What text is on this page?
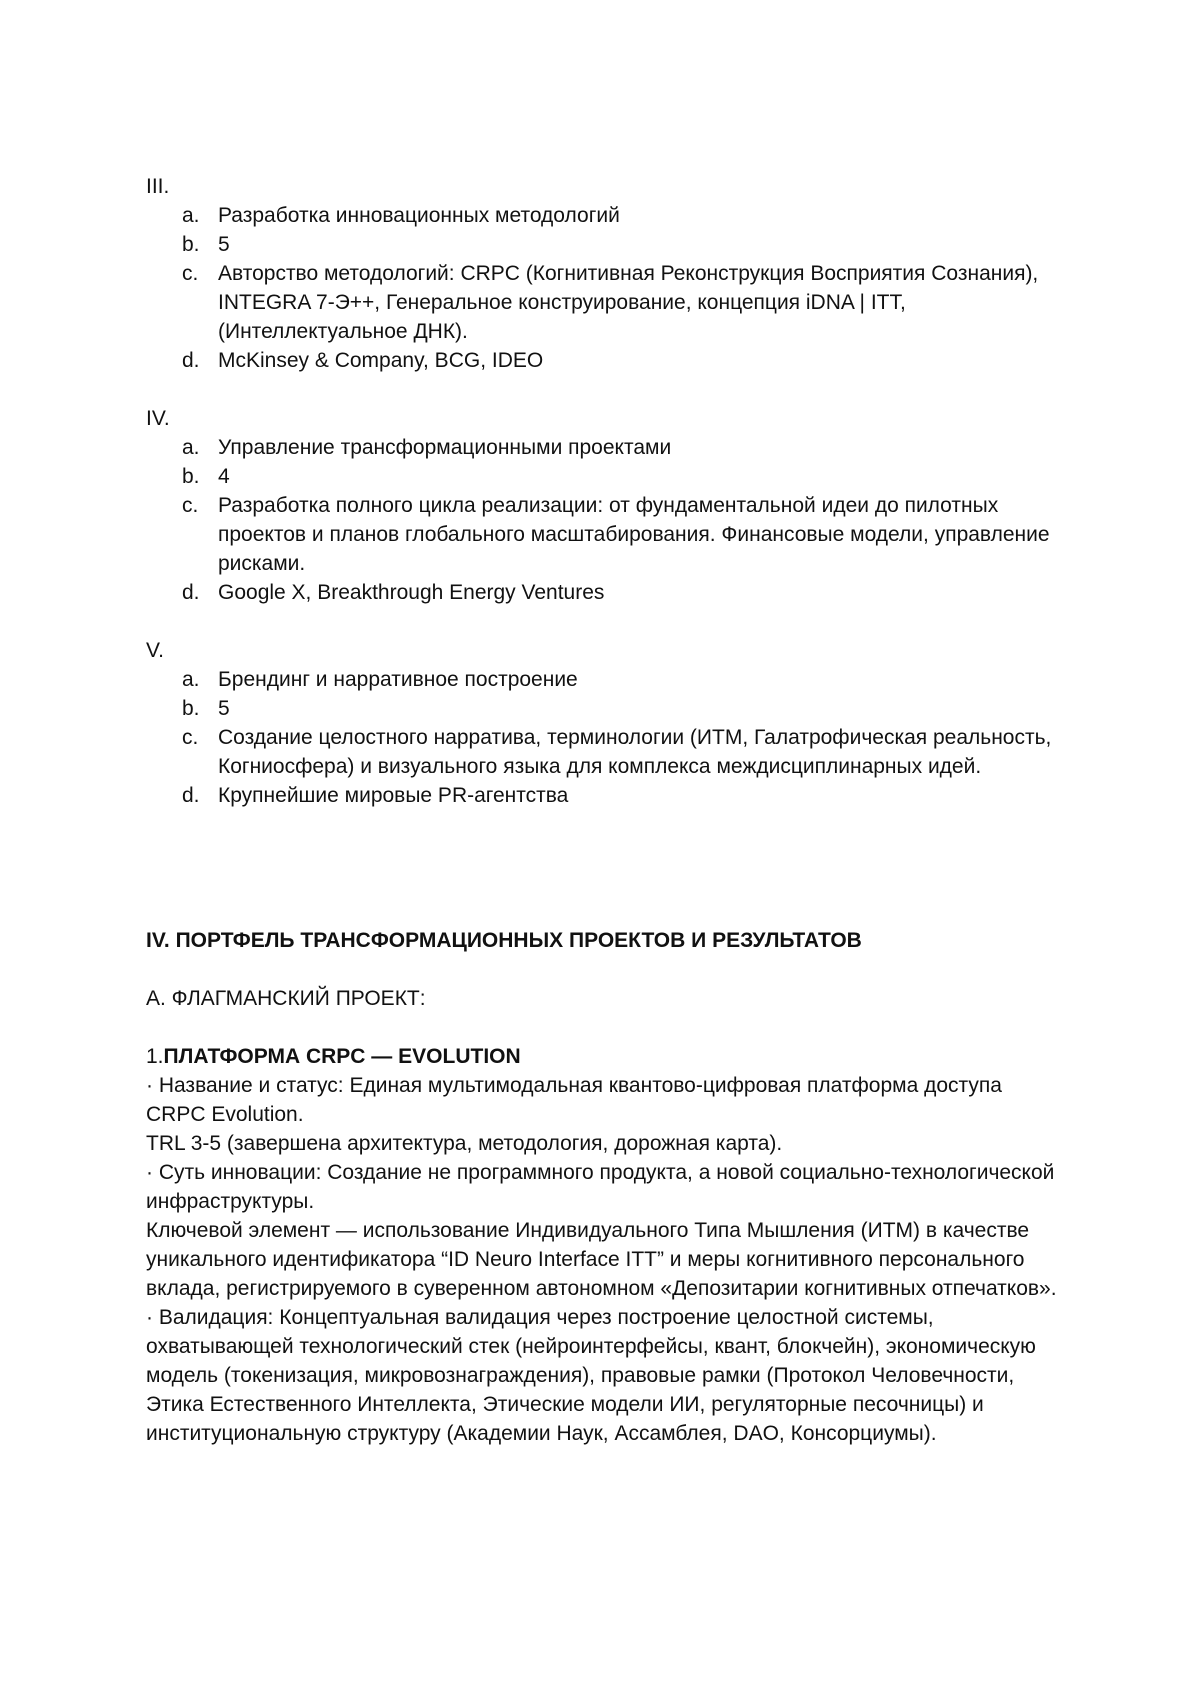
III.
a. Разработка инновационных методологий
b. 5
c. Авторство методологий: CRPC (Когнитивная Реконструкция Восприятия Сознания), INTEGRA 7-Э++, Генеральное конструирование, концепция iDNA | ITT, (Интеллектуальное ДНК).
d. McKinsey & Company, BCG, IDEO
IV.
a. Управление трансформационными проектами
b. 4
c. Разработка полного цикла реализации: от фундаментальной идеи до пилотных проектов и планов глобального масштабирования. Финансовые модели, управление рисками.
d. Google X, Breakthrough Energy Ventures
V.
a. Брендинг и нарративное построение
b. 5
c. Создание целостного нарратива, терминологии (ИТМ, Галатрофическая реальность, Когниосфера) и визуального языка для комплекса междисциплинарных идей.
d. Крупнейшие мировые PR-агентства
IV. ПОРТФЕЛЬ ТРАНСФОРМАЦИОННЫХ ПРОЕКТОВ И РЕЗУЛЬТАТОВ
А. ФЛАГМАНСКИЙ ПРОЕКТ:
1.ПЛАТФОРМА CRPC — EVOLUTION
· Название и статус: Единая мультимодальная квантово-цифровая платформа доступа CRPC Evolution.
TRL 3-5 (завершена архитектура, методология, дорожная карта).
· Суть инновации: Создание не программного продукта, а новой социально-технологической инфраструктуры.
Ключевой элемент — использование Индивидуального Типа Мышления (ИТМ) в качестве уникального идентификатора “ID Neuro Interface ITT” и меры когнитивного персонального вклада, регистрируемого в суверенном автономном «Депозитарии когнитивных отпечатков».
· Валидация: Концептуальная валидация через построение целостной системы, охватывающей технологический стек (нейроинтерфейсы, квант, блокчейн), экономическую модель (токенизация, микровознаграждения), правовые рамки (Протокол Человечности, Этика Естественного Интеллекта, Этические модели ИИ, регуляторные песочницы) и институциональную структуру (Академии Наук, Ассамблея, DAO, Консорциумы).
